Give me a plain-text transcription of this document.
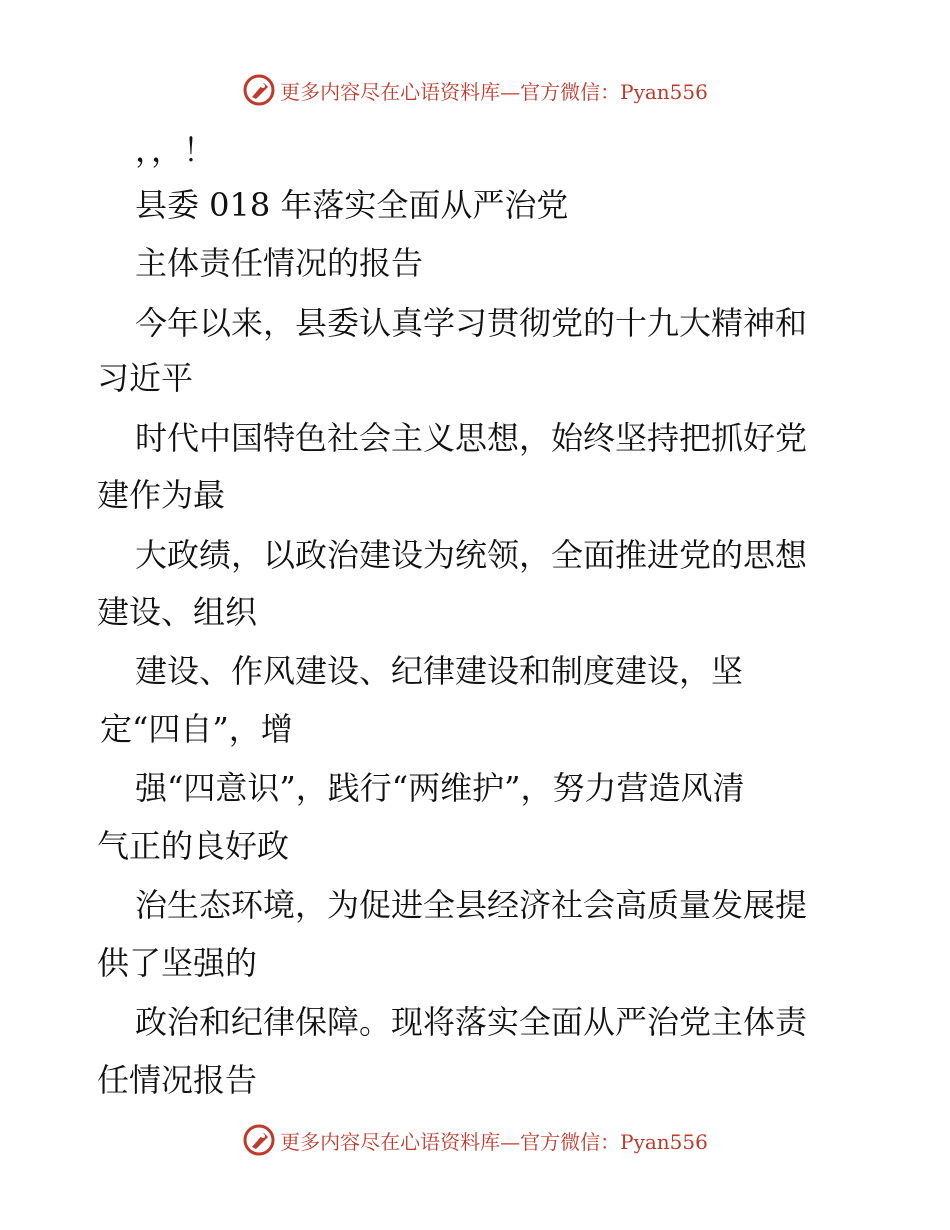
更多内容尽在心语资料库—官方微信：Pyan556
，，！
县委 018 年落实全面从严治党
主体责任情况的报告
今年以来，县委认真学习贯彻党的十九大精神和
习近平
时代中国特色社会主义思想，始终坚持把抓好党
建作为最
大政绩，以政治建设为统领，全面推进党的思想
建设、组织
建设、作风建设、纪律建设和制度建设，坚
定“四自”，增
强“四意识”，践行“两维护”，努力营造风清
气正的良好政
治生态环境，为促进全县经济社会高质量发展提
供了坚强的
政治和纪律保障。现将落实全面从严治党主体责
任情况报告
更多内容尽在心语资料库—官方微信：Pyan556
